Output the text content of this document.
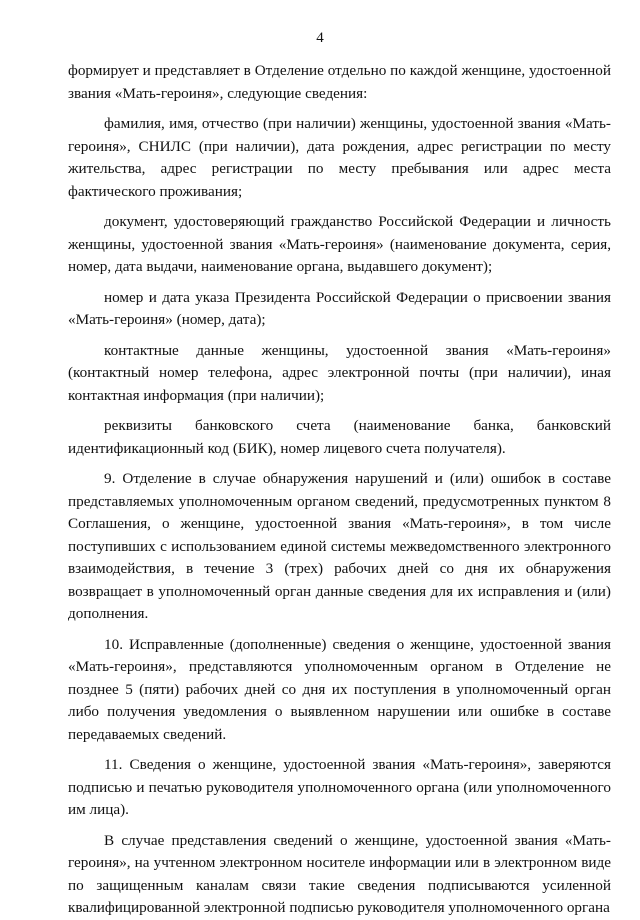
4

формирует и представляет в Отделение отдельно по каждой женщине, удостоенной звания «Мать-героиня», следующие сведения:

фамилия, имя, отчество (при наличии) женщины, удостоенной звания «Мать-героиня», СНИЛС (при наличии), дата рождения, адрес регистрации по месту жительства, адрес регистрации по месту пребывания или адрес места фактического проживания;

документ, удостоверяющий гражданство Российской Федерации и личность женщины, удостоенной звания «Мать-героиня» (наименование документа, серия, номер, дата выдачи, наименование органа, выдавшего документ);

номер и дата указа Президента Российской Федерации о присвоении звания «Мать-героиня» (номер, дата);

контактные данные женщины, удостоенной звания «Мать-героиня» (контактный номер телефона, адрес электронной почты (при наличии), иная контактная информация (при наличии);

реквизиты банковского счета (наименование банка, банковский идентификационный код (БИК), номер лицевого счета получателя).

9. Отделение в случае обнаружения нарушений и (или) ошибок в составе представляемых уполномоченным органом сведений, предусмотренных пунктом 8 Соглашения, о женщине, удостоенной звания «Мать-героиня», в том числе поступивших с использованием единой системы межведомственного электронного взаимодействия, в течение 3 (трех) рабочих дней со дня их обнаружения возвращает в уполномоченный орган данные сведения для их исправления и (или) дополнения.

10. Исправленные (дополненные) сведения о женщине, удостоенной звания «Мать-героиня», представляются уполномоченным органом в Отделение не позднее 5 (пяти) рабочих дней со дня их поступления в уполномоченный орган либо получения уведомления о выявленном нарушении или ошибке в составе передаваемых сведений.

11. Сведения о женщине, удостоенной звания «Мать-героиня», заверяются подписью и печатью руководителя уполномоченного органа (или уполномоченного им лица).

В случае представления сведений о женщине, удостоенной звания «Мать-героиня», на учтенном электронном носителе информации или в электронном виде по защищенным каналам связи такие сведения подписываются усиленной квалифицированной электронной подписью руководителя уполномоченного органа
